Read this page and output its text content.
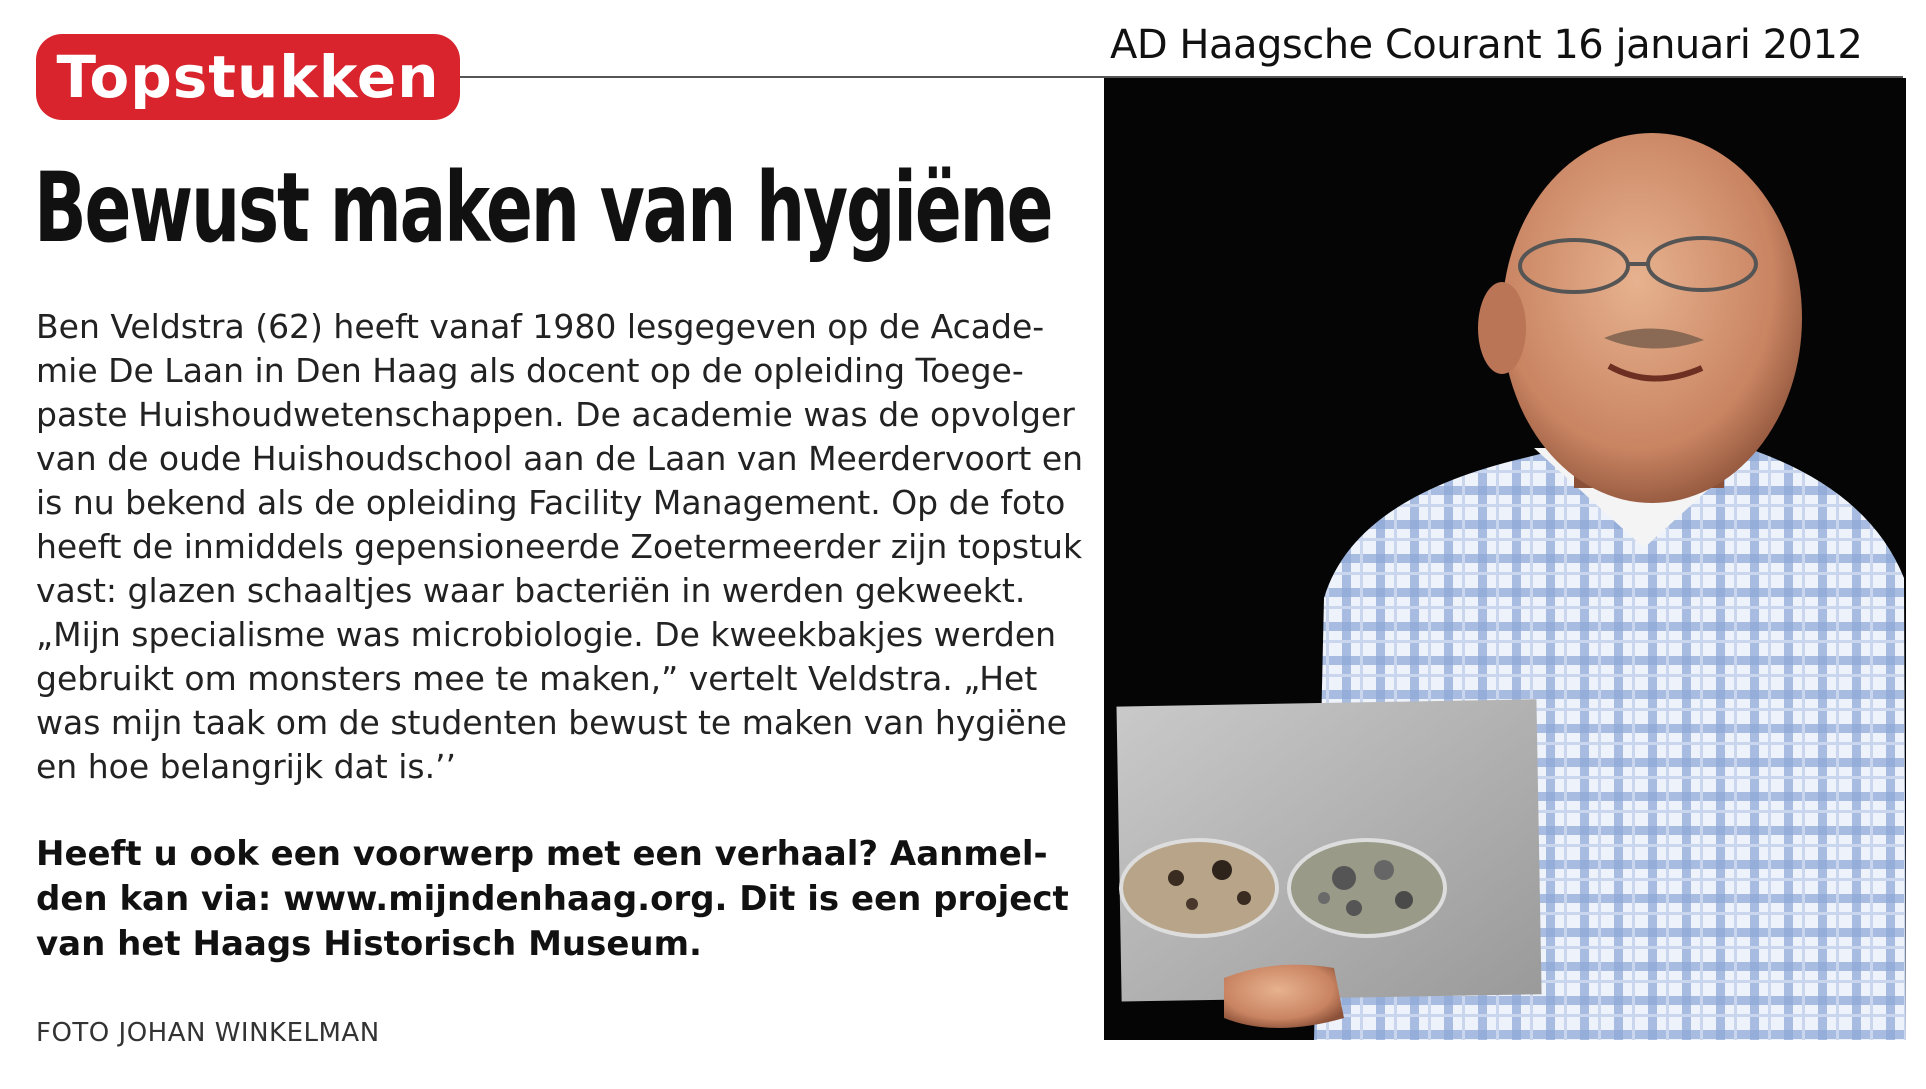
AD Haagsche Courant 16 januari 2012
Topstukken
Bewust maken van hygiëne

Ben Veldstra (62) heeft vanaf 1980 lesgegeven op de Acade-
mie De Laan in Den Haag als docent op de opleiding Toege-
paste Huishoudwetenschappen. De academie was de opvolger
van de oude Huishoudschool aan de Laan van Meerdervoort en
is nu bekend als de opleiding Facility Management. Op de foto
heeft de inmiddels gepensioneerde Zoetermeerder zijn topstuk
vast: glazen schaaltjes waar bacteriën in werden gekweekt.
„Mijn specialisme was microbiologie. De kweekbakjes werden
gebruikt om monsters mee te maken,” vertelt Veldstra. „Het
was mijn taak om de studenten bewust te maken van hygiëne
en hoe belangrijk dat is.’’

Heeft u ook een voorwerp met een verhaal? Aanmel-
den kan via: www.mijndenhaag.org. Dit is een project
van het Haags Historisch Museum.

FOTO JOHAN WINKELMAN
